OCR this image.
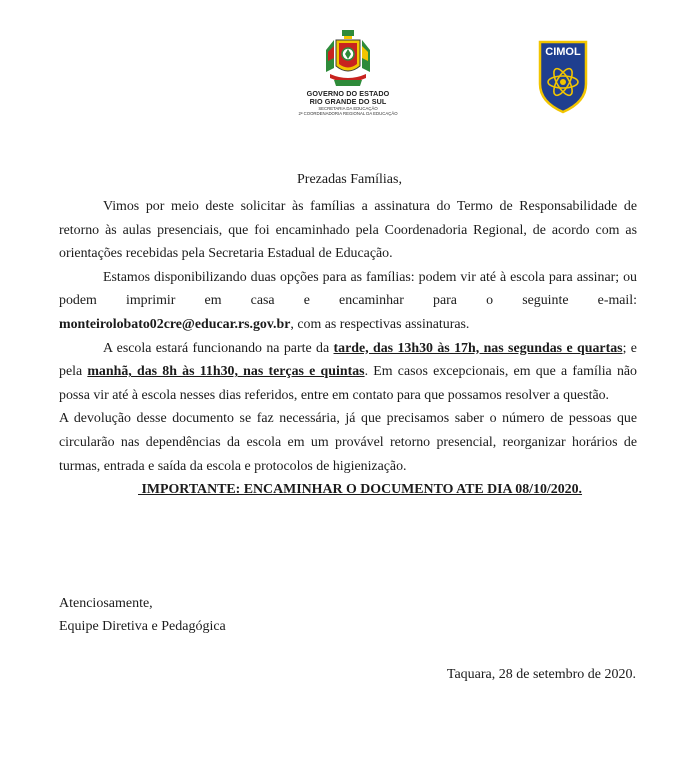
GOVERNO DO ESTADO
RIO GRANDE DO SUL
SECRETARIA DA EDUCAÇÃO
2ª COORDENADORIA REGIONAL DA EDUCAÇÃO
CIMOL
Prezadas Famílias,

Vimos por meio deste solicitar às famílias a assinatura do Termo de Responsabilidade de retorno às aulas presenciais, que foi encaminhado pela Coordenadoria Regional, de acordo com as orientações recebidas pela Secretaria Estadual de Educação.

Estamos disponibilizando duas opções para as famílias: podem vir até à escola para assinar; ou podem imprimir em casa e encaminhar para o seguinte e-mail: monteirolobato02cre@educar.rs.gov.br, com as respectivas assinaturas.

A escola estará funcionando na parte da tarde, das 13h30 às 17h, nas segundas e quartas; e pela manhã, das 8h às 11h30, nas terças e quintas. Em casos excepcionais, em que a família não possa vir até à escola nesses dias referidos, entre em contato para que possamos resolver a questão.

A devolução desse documento se faz necessária, já que precisamos saber o número de pessoas que circularão nas dependências da escola em um provável retorno presencial, reorganizar horários de turmas, entrada e saída da escola e protocolos de higienização.

IMPORTANTE: ENCAMINHAR O DOCUMENTO ATE DIA 08/10/2020.

Atenciosamente,
Equipe Diretiva e Pedagógica
Taquara, 28 de setembro de 2020.
